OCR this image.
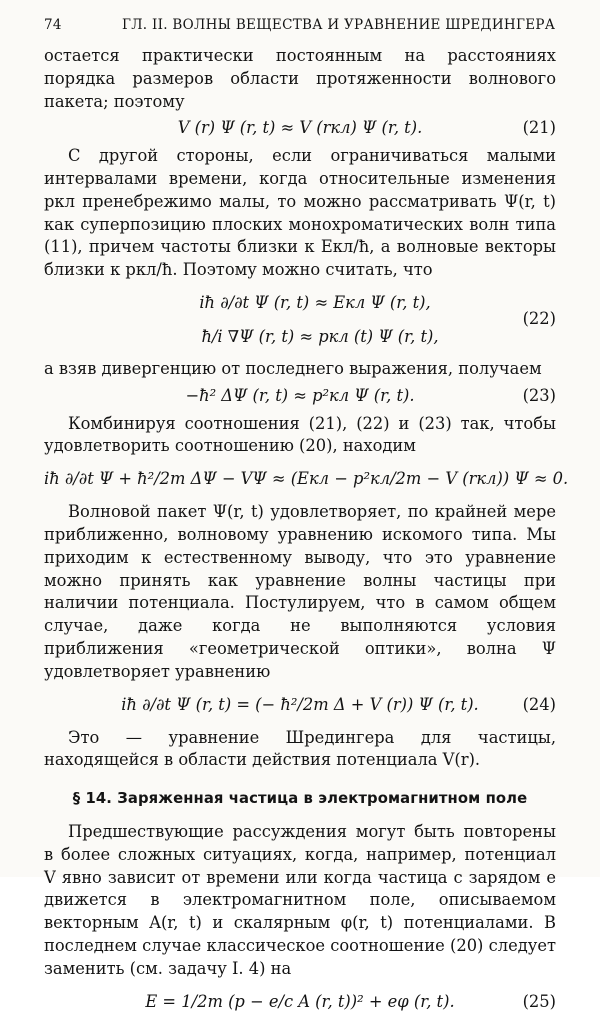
74	ГЛ. II. ВОЛНЫ ВЕЩЕСТВА И УРАВНЕНИЕ ШРЕДИНГЕРА

остается практически постоянным на расстояниях порядка размеров области протяженности волнового пакета; поэтому

V (r) Ψ (r, t) ≈ V (rкл) Ψ (r, t).	(21)

С другой стороны, если ограничиваться малыми интервалами времени, когда относительные изменения pкл пренебрежимо малы, то можно рассматривать Ψ(r, t) как суперпозицию плоских монохроматических волн типа (11), причем частоты близки к Eкл/ħ, а волновые векторы близки к pкл/ħ. Поэтому можно считать, что

iħ ∂/∂t Ψ (r, t) ≈ Eкл Ψ (r, t),
ħ/i ∇Ψ (r, t) ≈ pкл (t) Ψ (r, t),
(22)

а взяв дивергенцию от последнего выражения, получаем

−ħ² ΔΨ (r, t) ≈ p²кл Ψ (r, t).	(23)

Комбинируя соотношения (21), (22) и (23) так, чтобы удовлетворить соотношению (20), находим

iħ ∂/∂t Ψ + ħ²/2m ΔΨ − VΨ ≈ (Eкл − p²кл/2m − V (rкл)) Ψ ≈ 0.

Волновой пакет Ψ(r, t) удовлетворяет, по крайней мере приближенно, волновому уравнению искомого типа. Мы приходим к естественному выводу, что это уравнение можно принять как уравнение волны частицы при наличии потенциала. Постулируем, что в самом общем случае, даже когда не выполняются условия приближения «геометрической оптики», волна Ψ удовлетворяет уравнению

iħ ∂/∂t Ψ (r, t) = (− ħ²/2m Δ + V (r)) Ψ (r, t).	(24)

Это — уравнение Шредингера для частицы, находящейся в области действия потенциала V(r).

§ 14. Заряженная частица в электромагнитном поле

Предшествующие рассуждения могут быть повторены в более сложных ситуациях, когда, например, потенциал V явно зависит от времени или когда частица с зарядом e движется в электромагнитном поле, описываемом векторным A(r, t) и скалярным φ(r, t) потенциалами. В последнем случае классическое соотношение (20) следует заменить (см. задачу I. 4) на

E = 1/2m (p − e/c A (r, t))² + eφ (r, t).	(25)
